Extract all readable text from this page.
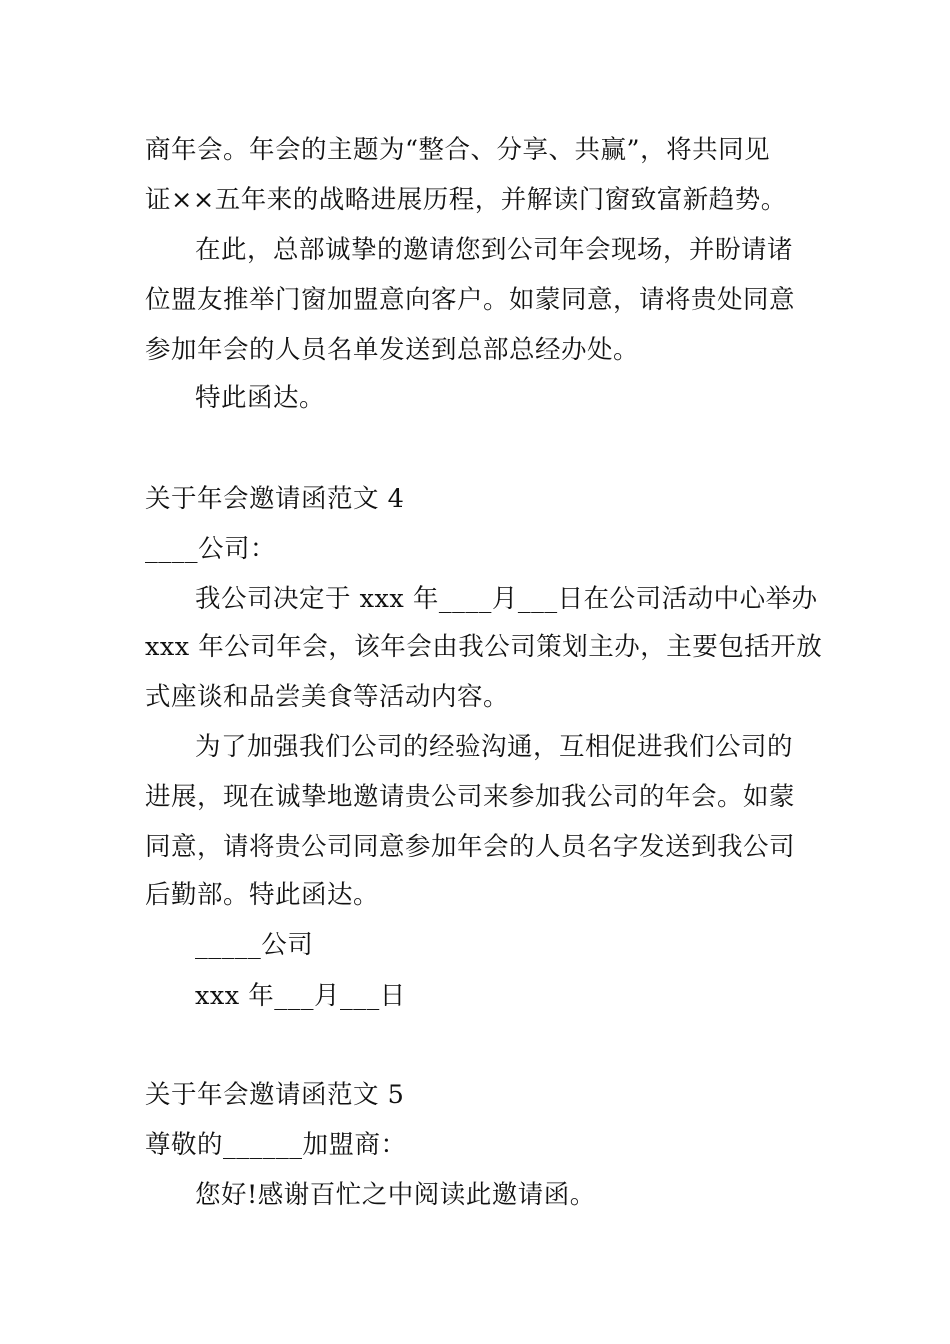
商年会。年会的主题为“整合、分享、共赢”，将共同见
证××五年来的战略进展历程，并解读门窗致富新趋势。
在此，总部诚挚的邀请您到公司年会现场，并盼请诸
位盟友推举门窗加盟意向客户。如蒙同意，请将贵处同意
参加年会的人员名单发送到总部总经办处。
特此函达。
关于年会邀请函范文 4
____公司：
我公司决定于 xxx 年____月___日在公司活动中心举办
xxx 年公司年会，该年会由我公司策划主办，主要包括开放
式座谈和品尝美食等活动内容。
为了加强我们公司的经验沟通，互相促进我们公司的
进展，现在诚挚地邀请贵公司来参加我公司的年会。如蒙
同意，请将贵公司同意参加年会的人员名字发送到我公司
后勤部。特此函达。
_____公司
xxx 年___月___日
关于年会邀请函范文 5
尊敬的______加盟商：
您好!感谢百忙之中阅读此邀请函。
